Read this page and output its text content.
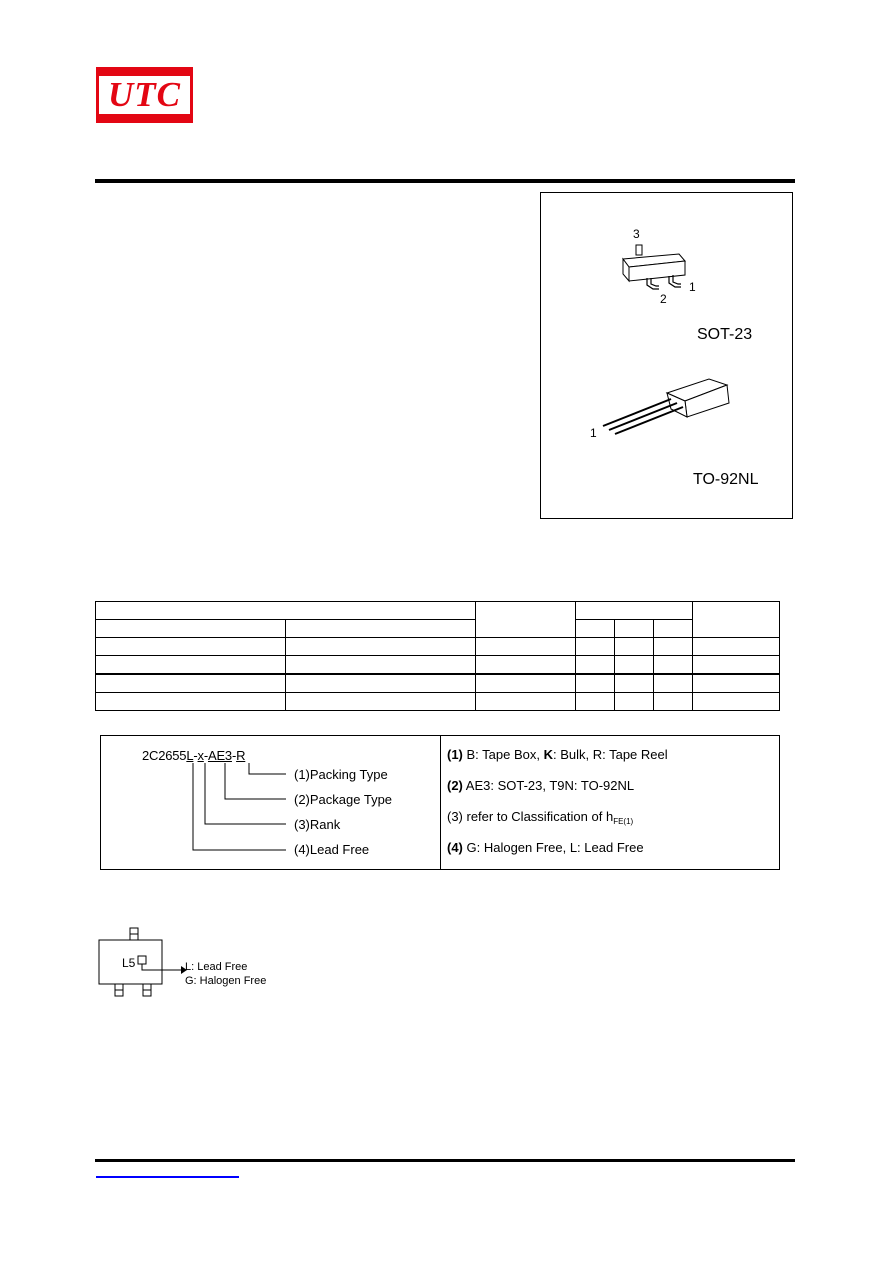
UTC
3
2
1
SOT-23
1
TO-92NL

2C2655L-x-AE3-R
(1)Packing Type
(2)Package Type
(3)Rank
(4)Lead Free
(1) B: Tape Box, K: Bulk, R: Tape Reel
(2) AE3: SOT-23, T9N: TO-92NL
(3) refer to Classification of $h_{FE(1)}$
(4) G: Halogen Free, L: Lead Free
L5	L: Lead Free
G: Halogen Free
